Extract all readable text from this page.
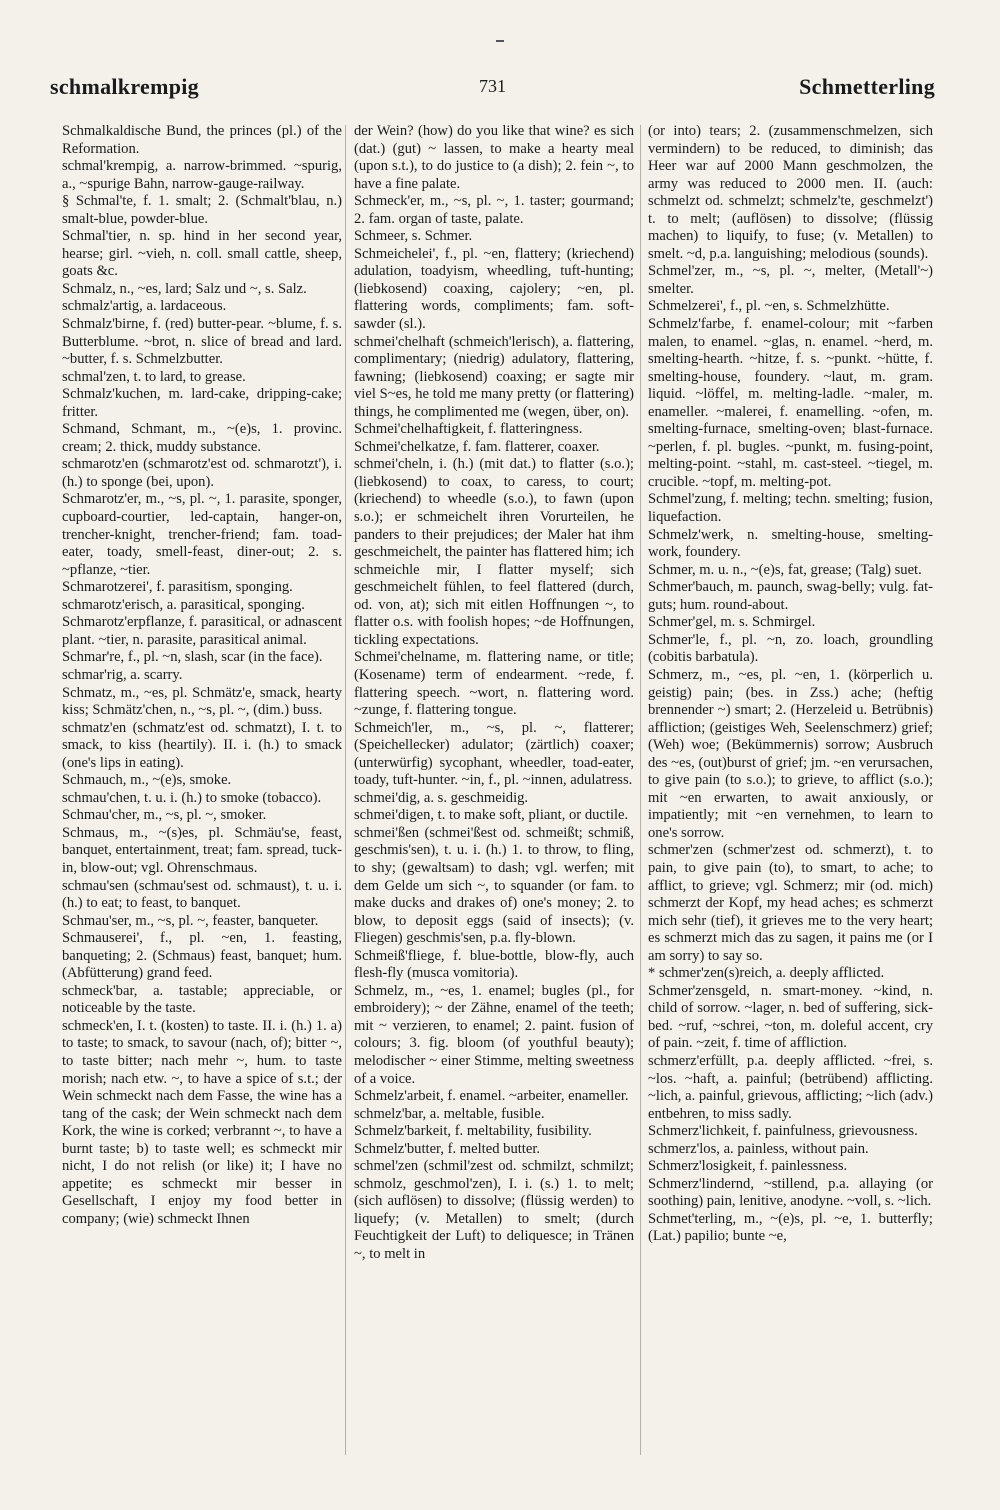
schmalkrempig	731	Schmetterling

Schmalkaldische Bund, the princes (pl.) of the Reformation.

schmal'krempig, a. narrow-brimmed. ~spurig, a., ~spurige Bahn, narrow-gauge-railway.

§ Schmal'te, f. 1. smalt; 2. (Schmalt'blau, n.) smalt-blue, powder-blue.

Schmal'tier, n. sp. hind in her second year, hearse; girl. ~vieh, n. coll. small cattle, sheep, goats &c.

Schmalz, n., ~es, lard; Salz und ~, s. Salz.

schmalz'artig, a. lardaceous.

Schmalz'birne, f. (red) butter-pear. ~blume, f. s. Butterblume. ~brot, n. slice of bread and lard. ~butter, f. s. Schmelzbutter.

schmal'zen, t. to lard, to grease.

Schmalz'kuchen, m. lard-cake, dripping-cake; fritter.

Schmand, Schmant, m., ~(e)s, 1. provinc. cream; 2. thick, muddy substance.

schmarotz'en (schmarotz'est od. schmarotzt'), i. (h.) to sponge (bei, upon).

Schmarotz'er, m., ~s, pl. ~, 1. parasite, sponger, cupboard-courtier, led-captain, hanger-on, trencher-knight, trencher-friend; fam. toad-eater, toady, smell-feast, diner-out; 2. s. ~pflanze, ~tier.

Schmarotzerei', f. parasitism, sponging.

schmarotz'erisch, a. parasitical, sponging.

Schmarotz'erpflanze, f. parasitical, or adnascent plant. ~tier, n. parasite, parasitical animal.

Schmar're, f., pl. ~n, slash, scar (in the face).

schmar'rig, a. scarry.

Schmatz, m., ~es, pl. Schmätz'e, smack, hearty kiss; Schmätz'chen, n., ~s, pl. ~, (dim.) buss.

schmatz'en (schmatz'est od. schmatzt), I. t. to smack, to kiss (heartily). II. i. (h.) to smack (one's lips in eating).

Schmauch, m., ~(e)s, smoke.

schmau'chen, t. u. i. (h.) to smoke (tobacco).

Schmau'cher, m., ~s, pl. ~, smoker.

Schmaus, m., ~(s)es, pl. Schmäu'se, feast, banquet, entertainment, treat; fam. spread, tuck-in, blow-out; vgl. Ohrenschmaus.

schmau'sen (schmau'sest od. schmaust), t. u. i. (h.) to eat; to feast, to banquet.

Schmau'ser, m., ~s, pl. ~, feaster, banqueter.

Schmauserei', f., pl. ~en, 1. feasting, banqueting; 2. (Schmaus) feast, banquet; hum. (Abfütterung) grand feed.

schmeck'bar, a. tastable; appreciable, or noticeable by the taste.

schmeck'en, I. t. (kosten) to taste. II. i. (h.) 1. a) to taste; to smack, to savour (nach, of); bitter ~, to taste bitter; nach mehr ~, hum. to taste morish; nach etw. ~, to have a spice of s.t.; der Wein schmeckt nach dem Fasse, the wine has a tang of the cask; der Wein schmeckt nach dem Kork, the wine is corked; verbrannt ~, to have a burnt taste; b) to taste well; es schmeckt mir nicht, I do not relish (or like) it; I have no appetite; es schmeckt mir besser in Gesellschaft, I enjoy my food better in company; (wie) schmeckt Ihnen

der Wein? (how) do you like that wine? es sich (dat.) (gut) ~ lassen, to make a hearty meal (upon s.t.), to do justice to (a dish); 2. fein ~, to have a fine palate.

Schmeck'er, m., ~s, pl. ~, 1. taster; gourmand; 2. fam. organ of taste, palate.

Schmeer, s. Schmer.

Schmeichelei', f., pl. ~en, flattery; (kriechend) adulation, toadyism, wheedling, tuft-hunting; (liebkosend) coaxing, cajolery; ~en, pl. flattering words, compliments; fam. soft-sawder (sl.).

schmei'chelhaft (schmeich'lerisch), a. flattering, complimentary; (niedrig) adulatory, flattering, fawning; (liebkosend) coaxing; er sagte mir viel S~es, he told me many pretty (or flattering) things, he complimented me (wegen, über, on).

Schmei'chelhaftigkeit, f. flatteringness.

Schmei'chelkatze, f. fam. flatterer, coaxer.

schmei'cheln, i. (h.) (mit dat.) to flatter (s.o.); (liebkosend) to coax, to caress, to court; (kriechend) to wheedle (s.o.), to fawn (upon s.o.); er schmeichelt ihren Vorurteilen, he panders to their prejudices; der Maler hat ihm geschmeichelt, the painter has flattered him; ich schmeichle mir, I flatter myself; sich geschmeichelt fühlen, to feel flattered (durch, od. von, at); sich mit eitlen Hoffnungen ~, to flatter o.s. with foolish hopes; ~de Hoffnungen, tickling expectations.

Schmei'chelname, m. flattering name, or title; (Kosename) term of endearment. ~rede, f. flattering speech. ~wort, n. flattering word. ~zunge, f. flattering tongue.

Schmeich'ler, m., ~s, pl. ~, flatterer; (Speichellecker) adulator; (zärtlich) coaxer; (unterwürfig) sycophant, wheedler, toad-eater, toady, tuft-hunter. ~in, f., pl. ~innen, adulatress.

schmei'dig, a. s. geschmeidig.

schmei'digen, t. to make soft, pliant, or ductile.

schmei'ßen (schmei'ßest od. schmeißt; schmiß, geschmis'sen), t. u. i. (h.) 1. to throw, to fling, to shy; (gewaltsam) to dash; vgl. werfen; mit dem Gelde um sich ~, to squander (or fam. to make ducks and drakes of) one's money; 2. to blow, to deposit eggs (said of insects); (v. Fliegen) geschmis'sen, p.a. fly-blown.

Schmeiß'fliege, f. blue-bottle, blow-fly, auch flesh-fly (musca vomitoria).

Schmelz, m., ~es, 1. enamel; bugles (pl., for embroidery); ~ der Zähne, enamel of the teeth; mit ~ verzieren, to enamel; 2. paint. fusion of colours; 3. fig. bloom (of youthful beauty); melodischer ~ einer Stimme, melting sweetness of a voice.

Schmelz'arbeit, f. enamel. ~arbeiter, enameller.

schmelz'bar, a. meltable, fusible.

Schmelz'barkeit, f. meltability, fusibility.

Schmelz'butter, f. melted butter.

schmel'zen (schmil'zest od. schmilzt, schmilzt; schmolz, geschmol'zen), I. i. (s.) 1. to melt; (sich auflösen) to dissolve; (flüssig werden) to liquefy; (v. Metallen) to smelt; (durch Feuchtigkeit der Luft) to deliquesce; in Tränen ~, to melt in

(or into) tears; 2. (zusammenschmelzen, sich vermindern) to be reduced, to diminish; das Heer war auf 2000 Mann geschmolzen, the army was reduced to 2000 men. II. (auch: schmelzt od. schmelzt; schmelz'te, geschmelzt') t. to melt; (auflösen) to dissolve; (flüssig machen) to liquify, to fuse; (v. Metallen) to smelt. ~d, p.a. languishing; melodious (sounds).

Schmel'zer, m., ~s, pl. ~, melter, (Metall'~) smelter.

Schmelzerei', f., pl. ~en, s. Schmelzhütte.

Schmelz'farbe, f. enamel-colour; mit ~farben malen, to enamel. ~glas, n. enamel. ~herd, m. smelting-hearth. ~hitze, f. s. ~punkt. ~hütte, f. smelting-house, foundery. ~laut, m. gram. liquid. ~löffel, m. melting-ladle. ~maler, m. enameller. ~malerei, f. enamelling. ~ofen, m. smelting-furnace, smelting-oven; blast-furnace. ~perlen, f. pl. bugles. ~punkt, m. fusing-point, melting-point. ~stahl, m. cast-steel. ~tiegel, m. crucible. ~topf, m. melting-pot.

Schmel'zung, f. melting; techn. smelting; fusion, liquefaction.

Schmelz'werk, n. smelting-house, smelting-work, foundery.

Schmer, m. u. n., ~(e)s, fat, grease; (Talg) suet.

Schmer'bauch, m. paunch, swag-belly; vulg. fat-guts; hum. round-about.

Schmer'gel, m. s. Schmirgel.

Schmer'le, f., pl. ~n, zo. loach, groundling (cobitis barbatula).

Schmerz, m., ~es, pl. ~en, 1. (körperlich u. geistig) pain; (bes. in Zss.) ache; (heftig brennender ~) smart; 2. (Herzeleid u. Betrübnis) affliction; (geistiges Weh, Seelenschmerz) grief; (Weh) woe; (Bekümmernis) sorrow; Ausbruch des ~es, (out)burst of grief; jm. ~en verursachen, to give pain (to s.o.); to grieve, to afflict (s.o.); mit ~en erwarten, to await anxiously, or impatiently; mit ~en vernehmen, to learn to one's sorrow.

schmer'zen (schmer'zest od. schmerzt), t. to pain, to give pain (to), to smart, to ache; to afflict, to grieve; vgl. Schmerz; mir (od. mich) schmerzt der Kopf, my head aches; es schmerzt mich sehr (tief), it grieves me to the very heart; es schmerzt mich das zu sagen, it pains me (or I am sorry) to say so.

* schmer'zen(s)reich, a. deeply afflicted.

Schmer'zensgeld, n. smart-money. ~kind, n. child of sorrow. ~lager, n. bed of suffering, sick-bed. ~ruf, ~schrei, ~ton, m. doleful accent, cry of pain. ~zeit, f. time of affliction.

schmerz'erfüllt, p.a. deeply afflicted. ~frei, s. ~los. ~haft, a. painful; (betrübend) afflicting. ~lich, a. painful, grievous, afflicting; ~lich (adv.) entbehren, to miss sadly.

Schmerz'lichkeit, f. painfulness, grievousness.

schmerz'los, a. painless, without pain.

Schmerz'losigkeit, f. painlessness.

Schmerz'lindernd, ~stillend, p.a. allaying (or soothing) pain, lenitive, anodyne. ~voll, s. ~lich.

Schmet'terling, m., ~(e)s, pl. ~e, 1. butterfly; (Lat.) papilio; bunte ~e,
